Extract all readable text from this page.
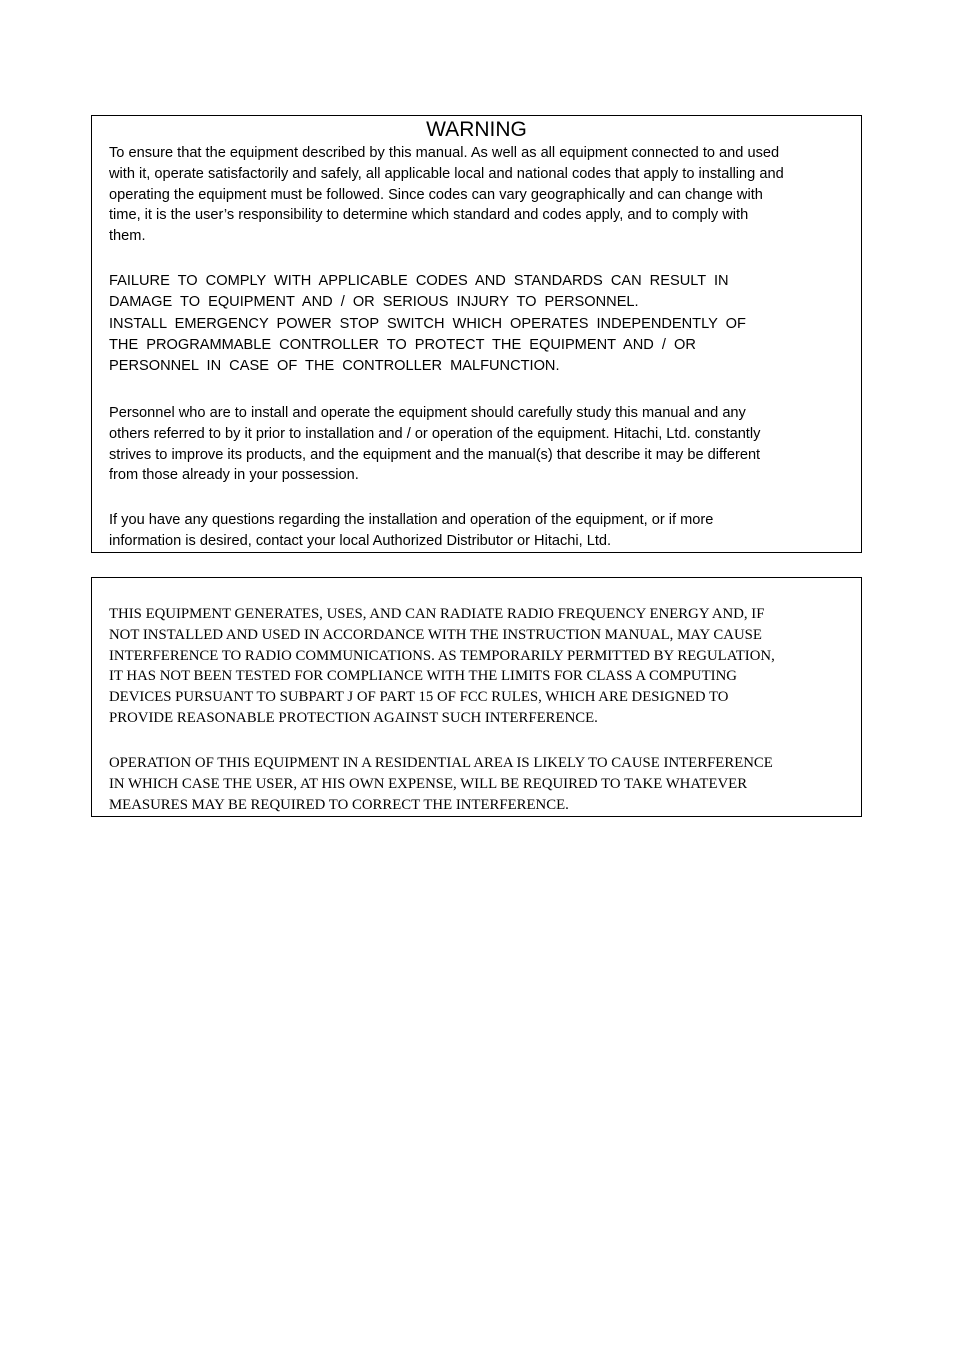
WARNING

To ensure that the equipment described by this manual. As well as all equipment connected to and used
with it, operate satisfactorily and safely, all applicable local and national codes that apply to installing and
operating the equipment must be followed. Since codes can vary geographically and can change with
time, it is the user’s responsibility to determine which standard and codes apply, and to comply with
them.

FAILURE TO COMPLY WITH APPLICABLE CODES AND STANDARDS CAN RESULT IN
DAMAGE TO EQUIPMENT AND / OR SERIOUS INJURY TO PERSONNEL.
INSTALL EMERGENCY POWER STOP SWITCH WHICH OPERATES INDEPENDENTLY OF
THE PROGRAMMABLE CONTROLLER TO PROTECT THE EQUIPMENT AND / OR
PERSONNEL IN CASE OF THE CONTROLLER MALFUNCTION.

Personnel who are to install and operate the equipment should carefully study this manual and any
others referred to by it prior to installation and / or operation of the equipment. Hitachi, Ltd. constantly
strives to improve its products, and the equipment and the manual(s) that describe it may be different
from those already in your possession.

If you have any questions regarding the installation and operation of the equipment, or if more
information is desired, contact your local Authorized Distributor or Hitachi, Ltd.

THIS EQUIPMENT GENERATES, USES, AND CAN RADIATE RADIO FREQUENCY ENERGY AND, IF
NOT INSTALLED AND USED IN ACCORDANCE WITH THE INSTRUCTION MANUAL, MAY CAUSE
INTERFERENCE TO RADIO COMMUNICATIONS. AS TEMPORARILY PERMITTED BY REGULATION,
IT HAS NOT BEEN TESTED FOR COMPLIANCE WITH THE LIMITS FOR CLASS A COMPUTING
DEVICES PURSUANT TO SUBPART J OF PART 15 OF FCC RULES, WHICH ARE DESIGNED TO
PROVIDE REASONABLE PROTECTION AGAINST SUCH INTERFERENCE.

OPERATION OF THIS EQUIPMENT IN A RESIDENTIAL AREA IS LIKELY TO CAUSE INTERFERENCE
IN WHICH CASE THE USER, AT HIS OWN EXPENSE, WILL BE REQUIRED TO TAKE WHATEVER
MEASURES MAY BE REQUIRED TO CORRECT THE INTERFERENCE.
